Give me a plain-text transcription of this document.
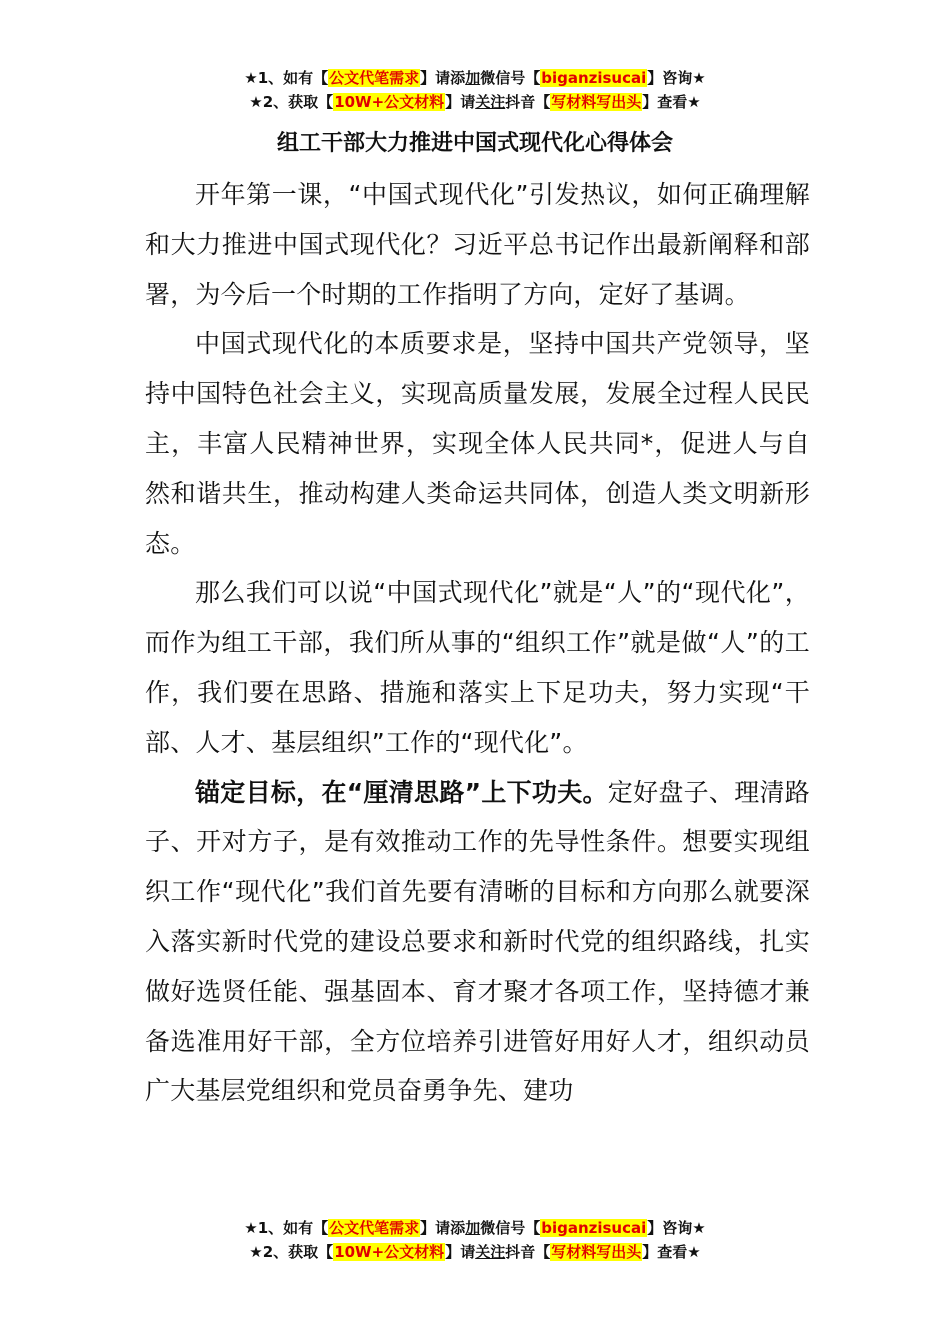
★1、如有【公文代笔需求】请添加微信号【biganzisucai】咨询★
★2、获取【10W+公文材料】请关注抖音【写材料写出头】查看★
组工干部大力推进中国式现代化心得体会

开年第一课，“中国式现代化”引发热议，如何正确理解和大力推进中国式现代化？习近平总书记作出最新阐释和部署，为今后一个时期的工作指明了方向，定好了基调。

中国式现代化的本质要求是，坚持中国共产党领导，坚持中国特色社会主义，实现高质量发展，发展全过程人民民主，丰富人民精神世界，实现全体人民共同*，促进人与自然和谐共生，推动构建人类命运共同体，创造人类文明新形态。

那么我们可以说“中国式现代化”就是“人”的“现代化”，而作为组工干部，我们所从事的“组织工作”就是做“人”的工作，我们要在思路、措施和落实上下足功夫，努力实现“干部、人才、基层组织”工作的“现代化”。

锚定目标，在“厘清思路”上下功夫。定好盘子、理清路子、开对方子，是有效推动工作的先导性条件。想要实现组织工作“现代化”我们首先要有清晰的目标和方向那么就要深入落实新时代党的建设总要求和新时代党的组织路线，扎实做好选贤任能、强基固本、育才聚才各项工作，坚持德才兼备选准用好干部，全方位培养引进管好用好人才，组织动员广大基层党组织和党员奋勇争先、建功

★1、如有【公文代笔需求】请添加微信号【biganzisucai】咨询★
★2、获取【10W+公文材料】请关注抖音【写材料写出头】查看★
